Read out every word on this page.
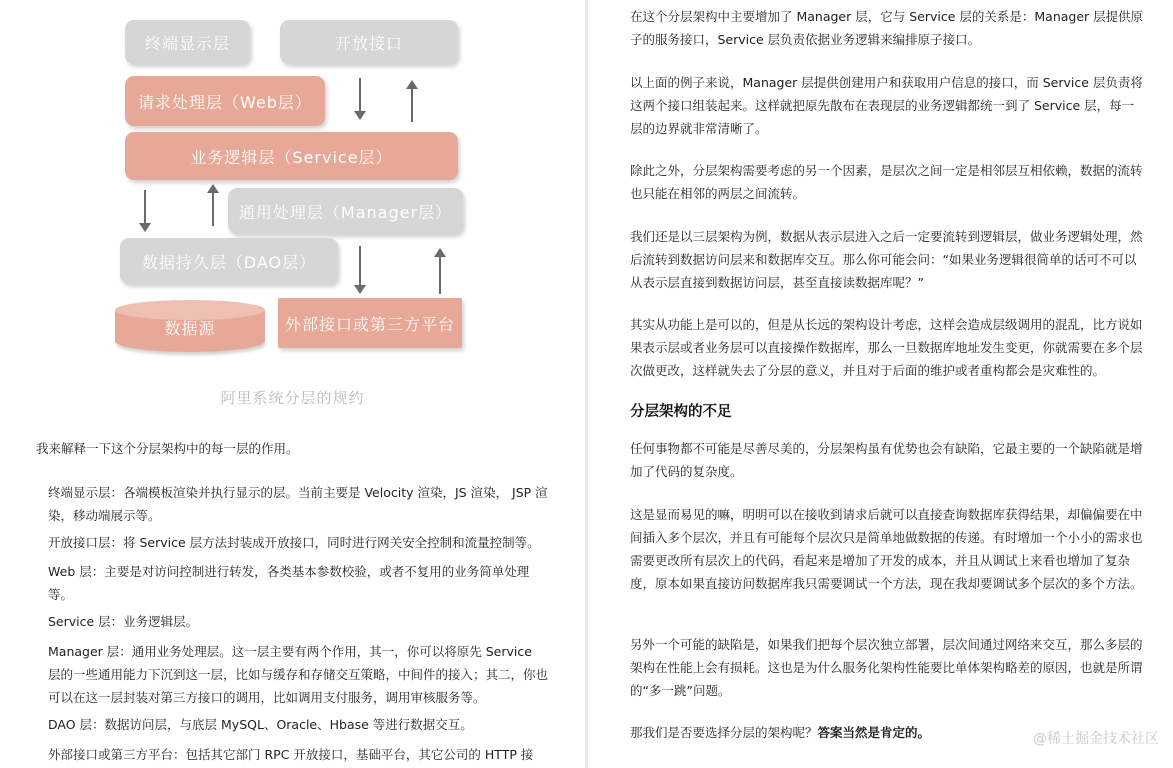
终端显示层	开放接口
请求处理层（Web层）
业务逻辑层（Service层）
通用处理层（Manager层）
数据持久层（DAO层）
数据源	外部接口或第三方平台
阿里系统分层的规约
我来解释一下这个分层架构中的每一层的作用。
终端显示层：各端模板渲染并执行显示的层。当前主要是 Velocity 渲染，JS 渲染， JSP 渲染，移动端展示等。
开放接口层：将 Service 层方法封装成开放接口，同时进行网关安全控制和流量控制等。
Web 层：主要是对访问控制进行转发，各类基本参数校验，或者不复用的业务简单处理等。
Service 层：业务逻辑层。
Manager 层：通用业务处理层。这一层主要有两个作用，其一，你可以将原先 Service 层的一些通用能力下沉到这一层，比如与缓存和存储交互策略，中间件的接入；其二，你也可以在这一层封装对第三方接口的调用，比如调用支付服务，调用审核服务等。
DAO 层：数据访问层，与底层 MySQL、Oracle、Hbase 等进行数据交互。
外部接口或第三方平台：包括其它部门 RPC 开放接口，基础平台，其它公司的 HTTP 接
在这个分层架构中主要增加了 Manager 层，它与 Service 层的关系是：Manager 层提供原子的服务接口，Service 层负责依据业务逻辑来编排原子接口。
以上面的例子来说，Manager 层提供创建用户和获取用户信息的接口，而 Service 层负责将这两个接口组装起来。这样就把原先散布在表现层的业务逻辑都统一到了 Service 层，每一层的边界就非常清晰了。
除此之外，分层架构需要考虑的另一个因素，是层次之间一定是相邻层互相依赖，数据的流转也只能在相邻的两层之间流转。
我们还是以三层架构为例，数据从表示层进入之后一定要流转到逻辑层，做业务逻辑处理，然后流转到数据访问层来和数据库交互。那么你可能会问：“如果业务逻辑很简单的话可不可以从表示层直接到数据访问层，甚至直接读数据库呢？”
其实从功能上是可以的，但是从长远的架构设计考虑，这样会造成层级调用的混乱，比方说如果表示层或者业务层可以直接操作数据库，那么一旦数据库地址发生变更，你就需要在多个层次做更改，这样就失去了分层的意义，并且对于后面的维护或者重构都会是灾难性的。
分层架构的不足
任何事物都不可能是尽善尽美的，分层架构虽有优势也会有缺陷，它最主要的一个缺陷就是增加了代码的复杂度。
这是显而易见的嘛，明明可以在接收到请求后就可以直接查询数据库获得结果，却偏偏要在中间插入多个层次，并且有可能每个层次只是简单地做数据的传递。有时增加一个小小的需求也需要更改所有层次上的代码，看起来是增加了开发的成本，并且从调试上来看也增加了复杂度，原本如果直接访问数据库我只需要调试一个方法，现在我却要调试多个层次的多个方法。
另外一个可能的缺陷是，如果我们把每个层次独立部署，层次间通过网络来交互，那么多层的架构在性能上会有损耗。这也是为什么服务化架构性能要比单体架构略差的原因，也就是所谓的“多一跳”问题。
那我们是否要选择分层的架构呢？答案当然是肯定的。	@稀土掘金技术社区
